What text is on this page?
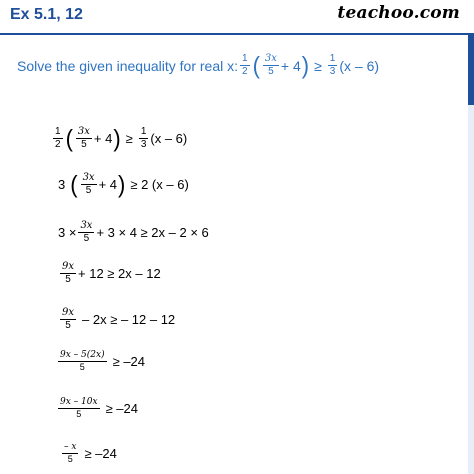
Ex 5.1, 12	teachoo.com
Solve the given inequality for real x: $\frac{1}{2}$ ( $\frac{3x}{5} + 4$ ) ≥ $\frac{1}{3} (x - 6)$
$\frac{1}{2}$ ( $\frac{3x}{5} + 4$ ) ≥ $\frac{1}{3} (x - 6)$
3 ( $\frac{3x}{5} + 4$ ) ≥ 2 (x – 6)
$3 \times \frac{3x}{5} + 3 \times 4 \ge 2x - 2 \times 6$
$\frac{9x}{5} + 12 \ge 2x - 12$
$\frac{9x}{5} - 2x$ ≥ – 12 – 12
$\frac{9x - 5(2x)}{5} \ge -24$
$\frac{9x - 10x}{5} \ge -24$
$\frac{- x}{5} \ge -24$
